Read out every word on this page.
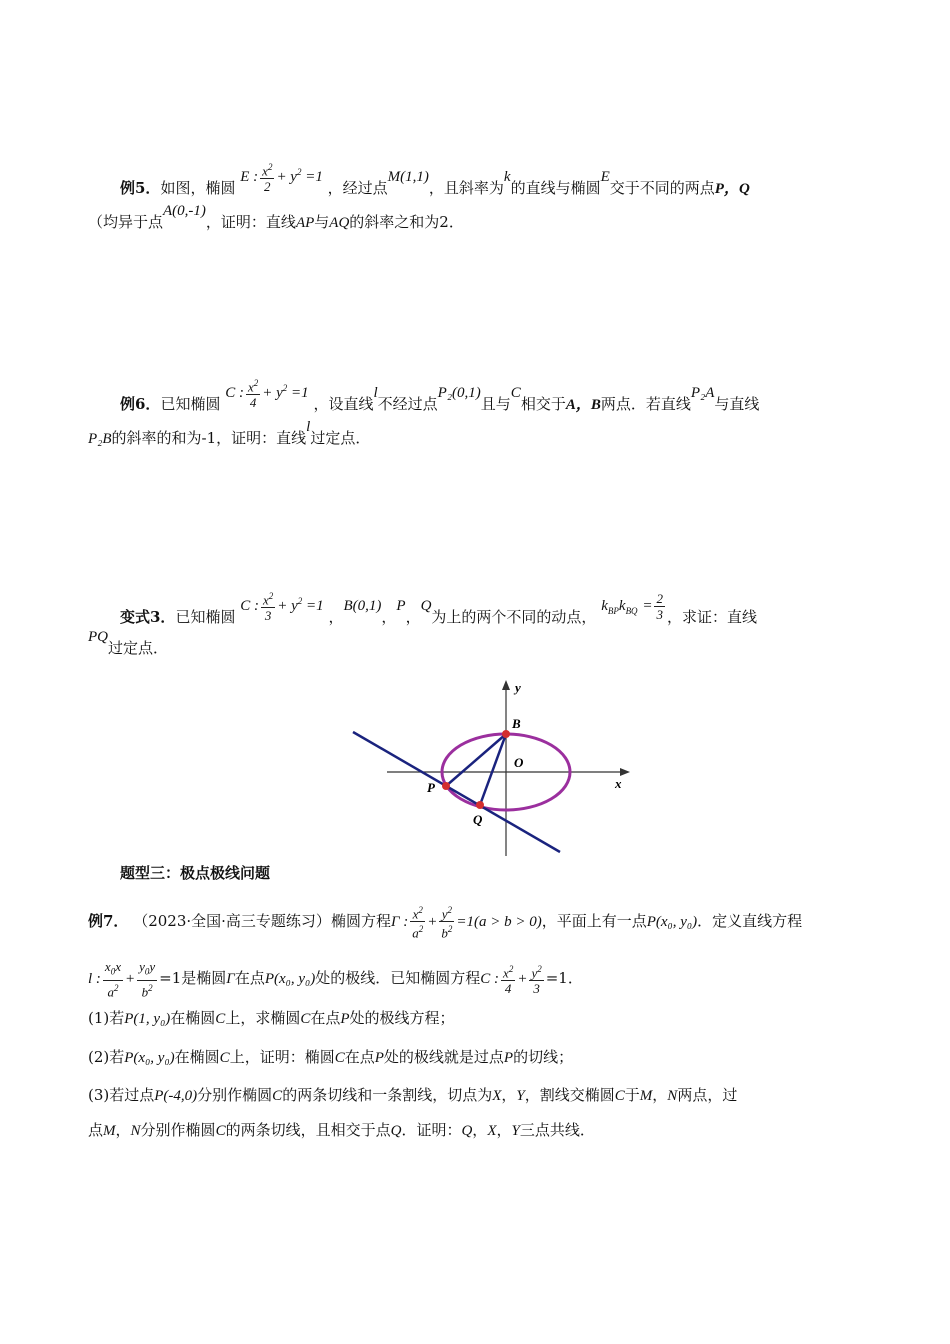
例5．如图，椭圆 E : $\frac{x^2}{2} + y^2 =1$ ，经过点M(1,1)，且斜率为k的直线与椭圆E交于不同的两点P，Q
（均异于点A(0,-1)，证明：直线AP与AQ的斜率之和为2．
例6．已知椭圆 C : $\frac{x^2}{4} + y^2 =1$ ，设直线l不经过点P₂(0,1)且与C相交于A，B两点．若直线P₂A与直线
P₂B的斜率的和为-1，证明：直线l过定点．
变式3．已知椭圆 C : $\frac{x^2}{3} + y^2 =1$ ，B(0,1)，P，Q为上的两个不同的动点， $k_{BP}k_{BQ} = \frac{2}{3}$ ，求证：直线
PQ过定点．
y
x
B
O
P
Q
题型三：极点极线问题
例7． （2023·全国·高三专题练习）椭圆方程Γ : $\frac{x^2}{a^2} + \frac{y^2}{b^2} =1(a > b > 0)$，平面上有一点P(x₀, y₀)．定义直线方程
l : $\frac{x_0x}{a^2} + \frac{y_0y}{b^2} =1$是椭圆Γ在点P(x₀, y₀)处的极线．已知椭圆方程C : $\frac{x^2}{4} + \frac{y^2}{3} =1$．
(1)若P(1, y₀)在椭圆C上，求椭圆C在点P处的极线方程；
(2)若P(x₀, y₀)在椭圆C上，证明：椭圆C在点P处的极线就是过点P的切线；
(3)若过点P(-4,0)分别作椭圆C的两条切线和一条割线，切点为X，Y，割线交椭圆C于M，N两点，过
点M，N分别作椭圆C的两条切线，且相交于点Q．证明：Q，X，Y三点共线．
